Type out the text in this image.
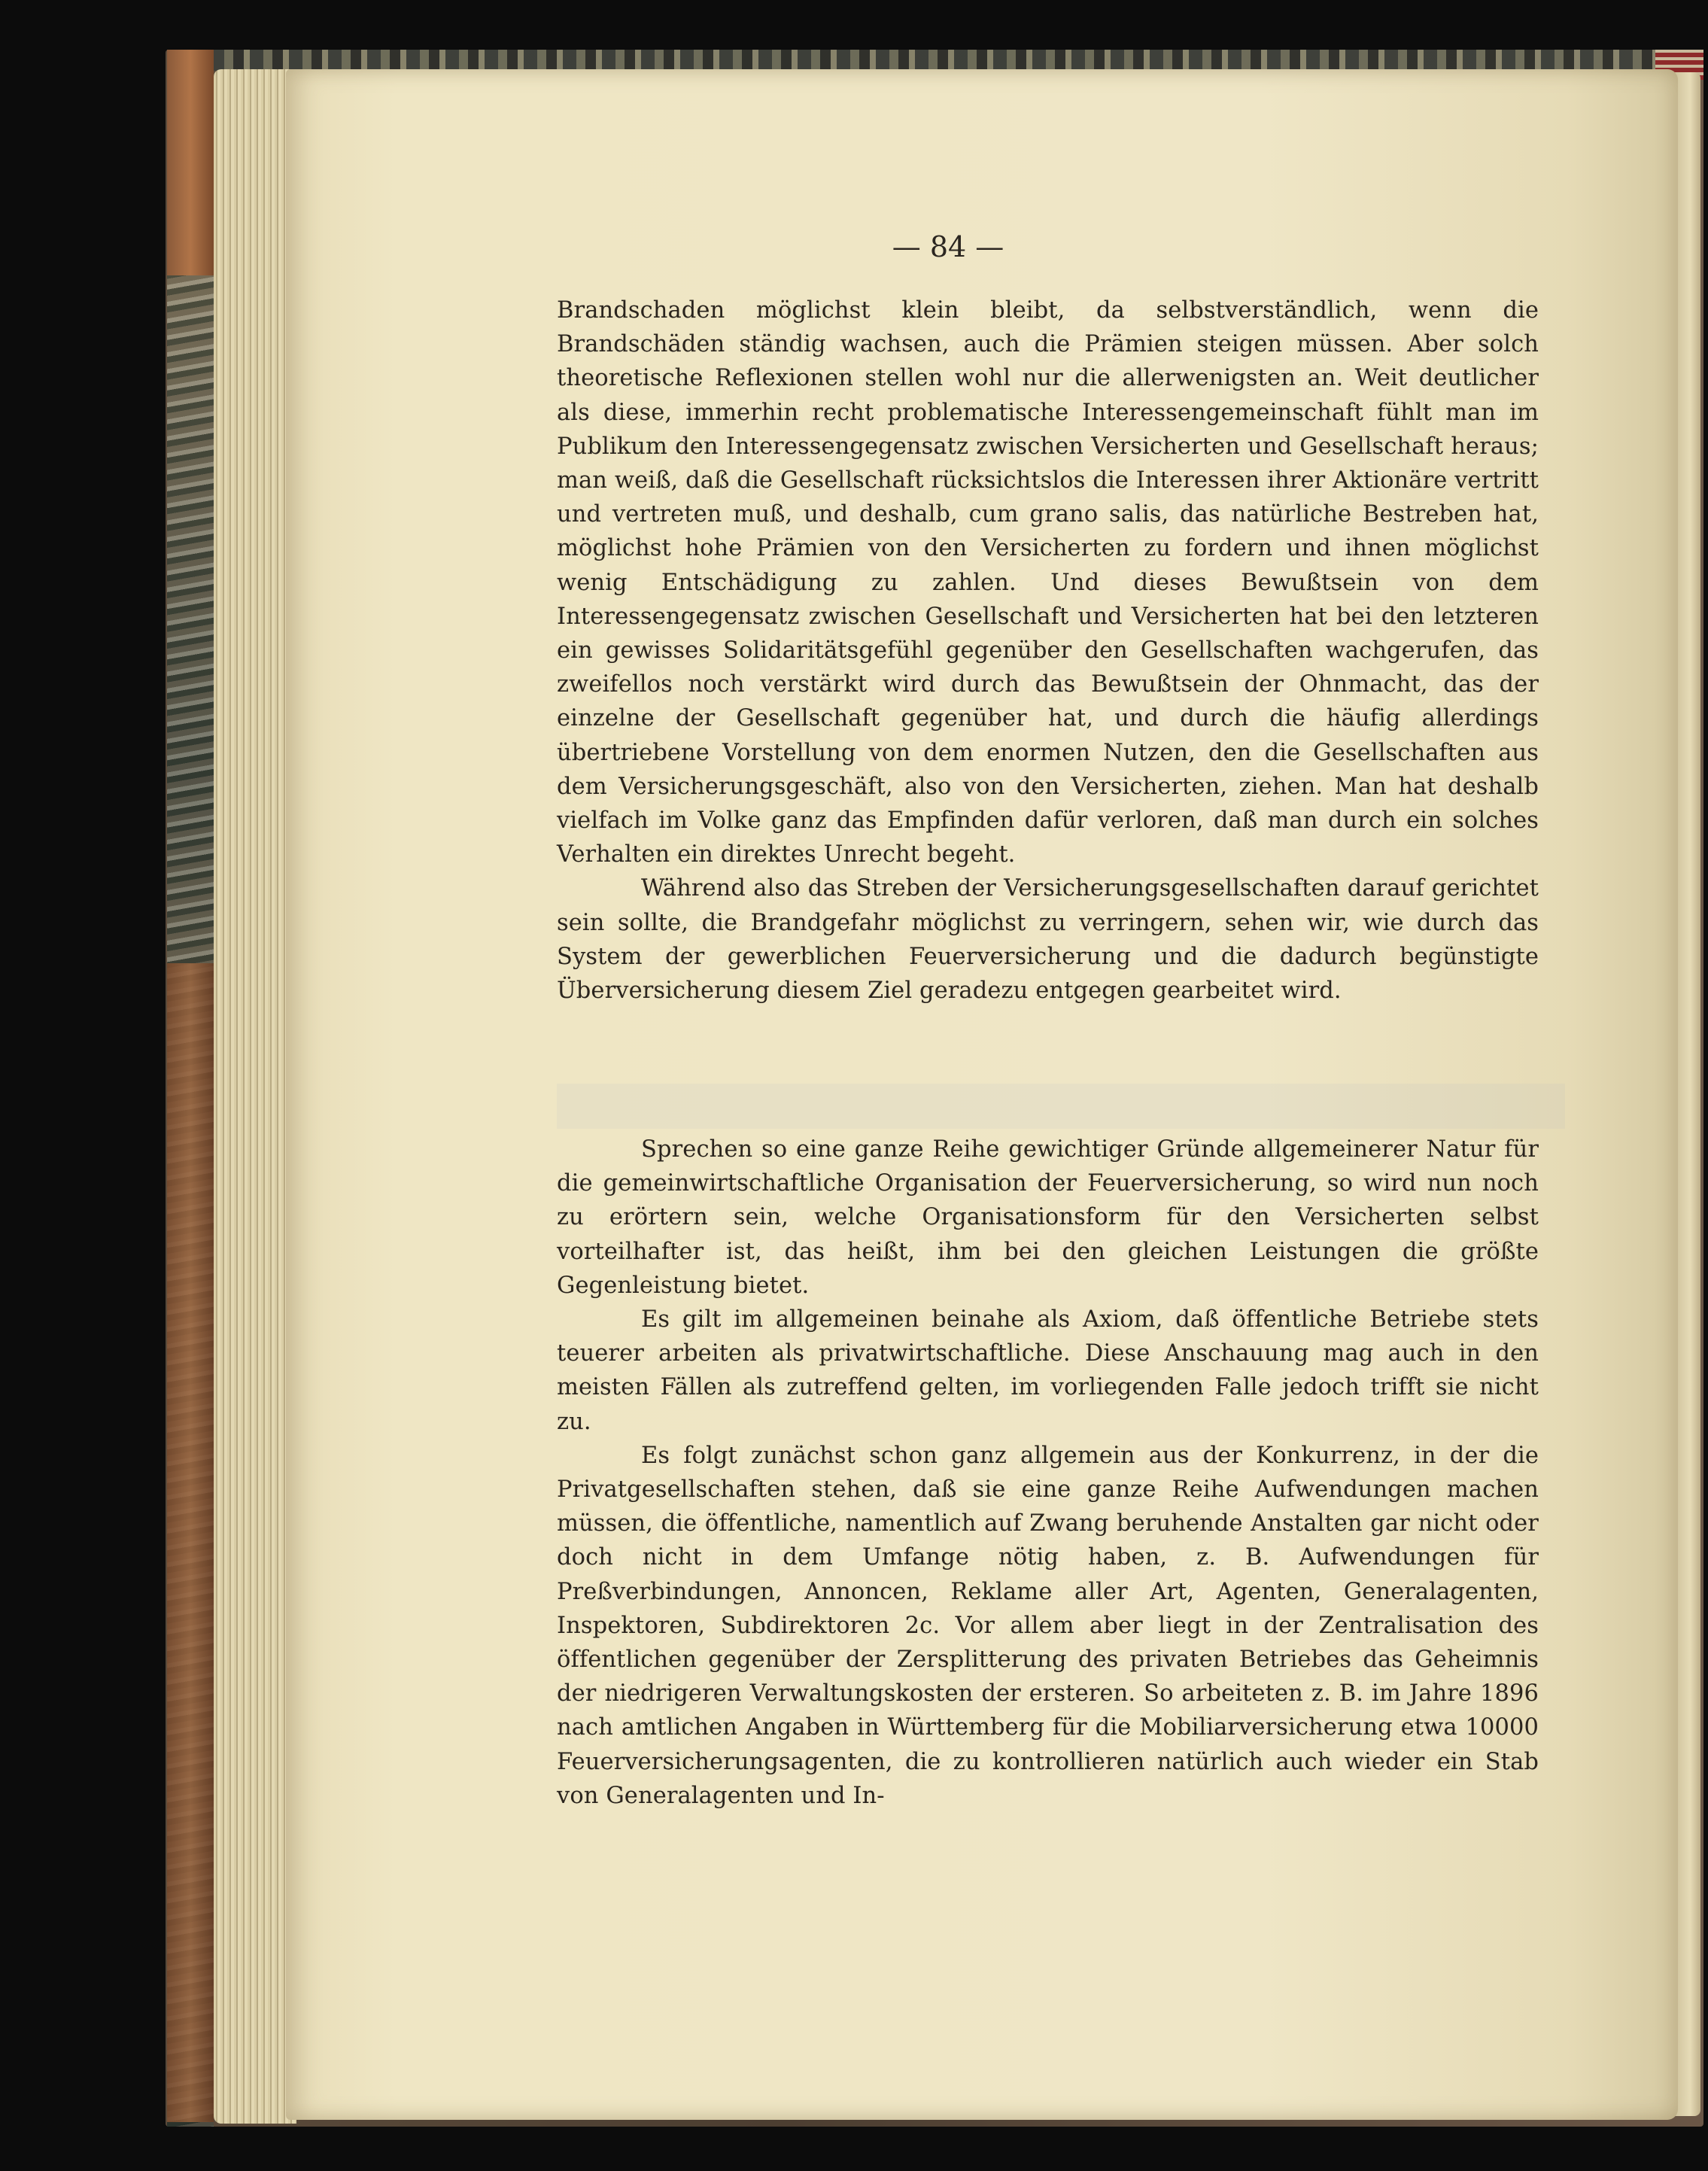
— 84 —

Brandschaden möglichst klein bleibt, da selbstverständlich, wenn die Brandschäden ständig wachsen, auch die Prämien steigen müssen. Aber solch theoretische Reflexionen stellen wohl nur die allerwenigsten an. Weit deutlicher als diese, immerhin recht problematische Interessengemeinschaft fühlt man im Publikum den Interessengegensatz zwischen Versicherten und Gesellschaft heraus; man weiß, daß die Gesellschaft rücksichtslos die Interessen ihrer Aktionäre vertritt und vertreten muß, und deshalb, cum grano salis, das natürliche Bestreben hat, möglichst hohe Prämien von den Versicherten zu fordern und ihnen möglichst wenig Entschädigung zu zahlen. Und dieses Bewußtsein von dem Interessengegensatz zwischen Gesellschaft und Versicherten hat bei den letzteren ein gewisses Solidaritätsgefühl gegenüber den Gesellschaften wachgerufen, das zweifellos noch verstärkt wird durch das Bewußtsein der Ohnmacht, das der einzelne der Gesellschaft gegenüber hat, und durch die häufig allerdings übertriebene Vorstellung von dem enormen Nutzen, den die Gesellschaften aus dem Versicherungsgeschäft, also von den Versicherten, ziehen. Man hat deshalb vielfach im Volke ganz das Empfinden dafür verloren, daß man durch ein solches Verhalten ein direktes Unrecht begeht.

Während also das Streben der Versicherungsgesellschaften darauf gerichtet sein sollte, die Brandgefahr möglichst zu verringern, sehen wir, wie durch das System der gewerblichen Feuerversicherung und die dadurch begünstigte Überversicherung diesem Ziel geradezu entgegen gearbeitet wird.

Sprechen so eine ganze Reihe gewichtiger Gründe allgemeinerer Natur für die gemeinwirtschaftliche Organisation der Feuerversicherung, so wird nun noch zu erörtern sein, welche Organisationsform für den Versicherten selbst vorteilhafter ist, das heißt, ihm bei den gleichen Leistungen die größte Gegenleistung bietet.

Es gilt im allgemeinen beinahe als Axiom, daß öffentliche Betriebe stets teuerer arbeiten als privatwirtschaftliche. Diese Anschauung mag auch in den meisten Fällen als zutreffend gelten, im vorliegenden Falle jedoch trifft sie nicht zu.

Es folgt zunächst schon ganz allgemein aus der Konkurrenz, in der die Privatgesellschaften stehen, daß sie eine ganze Reihe Aufwendungen machen müssen, die öffentliche, namentlich auf Zwang beruhende Anstalten gar nicht oder doch nicht in dem Umfange nötig haben, z. B. Aufwendungen für Preßverbindungen, Annoncen, Reklame aller Art, Agenten, Generalagenten, Inspektoren, Subdirektoren 2c. Vor allem aber liegt in der Zentralisation des öffentlichen gegenüber der Zersplitterung des privaten Betriebes das Geheimnis der niedrigeren Verwaltungskosten der ersteren. So arbeiteten z. B. im Jahre 1896 nach amtlichen Angaben in Württemberg für die Mobiliarversicherung etwa 10000 Feuerversicherungsagenten, die zu kontrollieren natürlich auch wieder ein Stab von Generalagenten und In-
